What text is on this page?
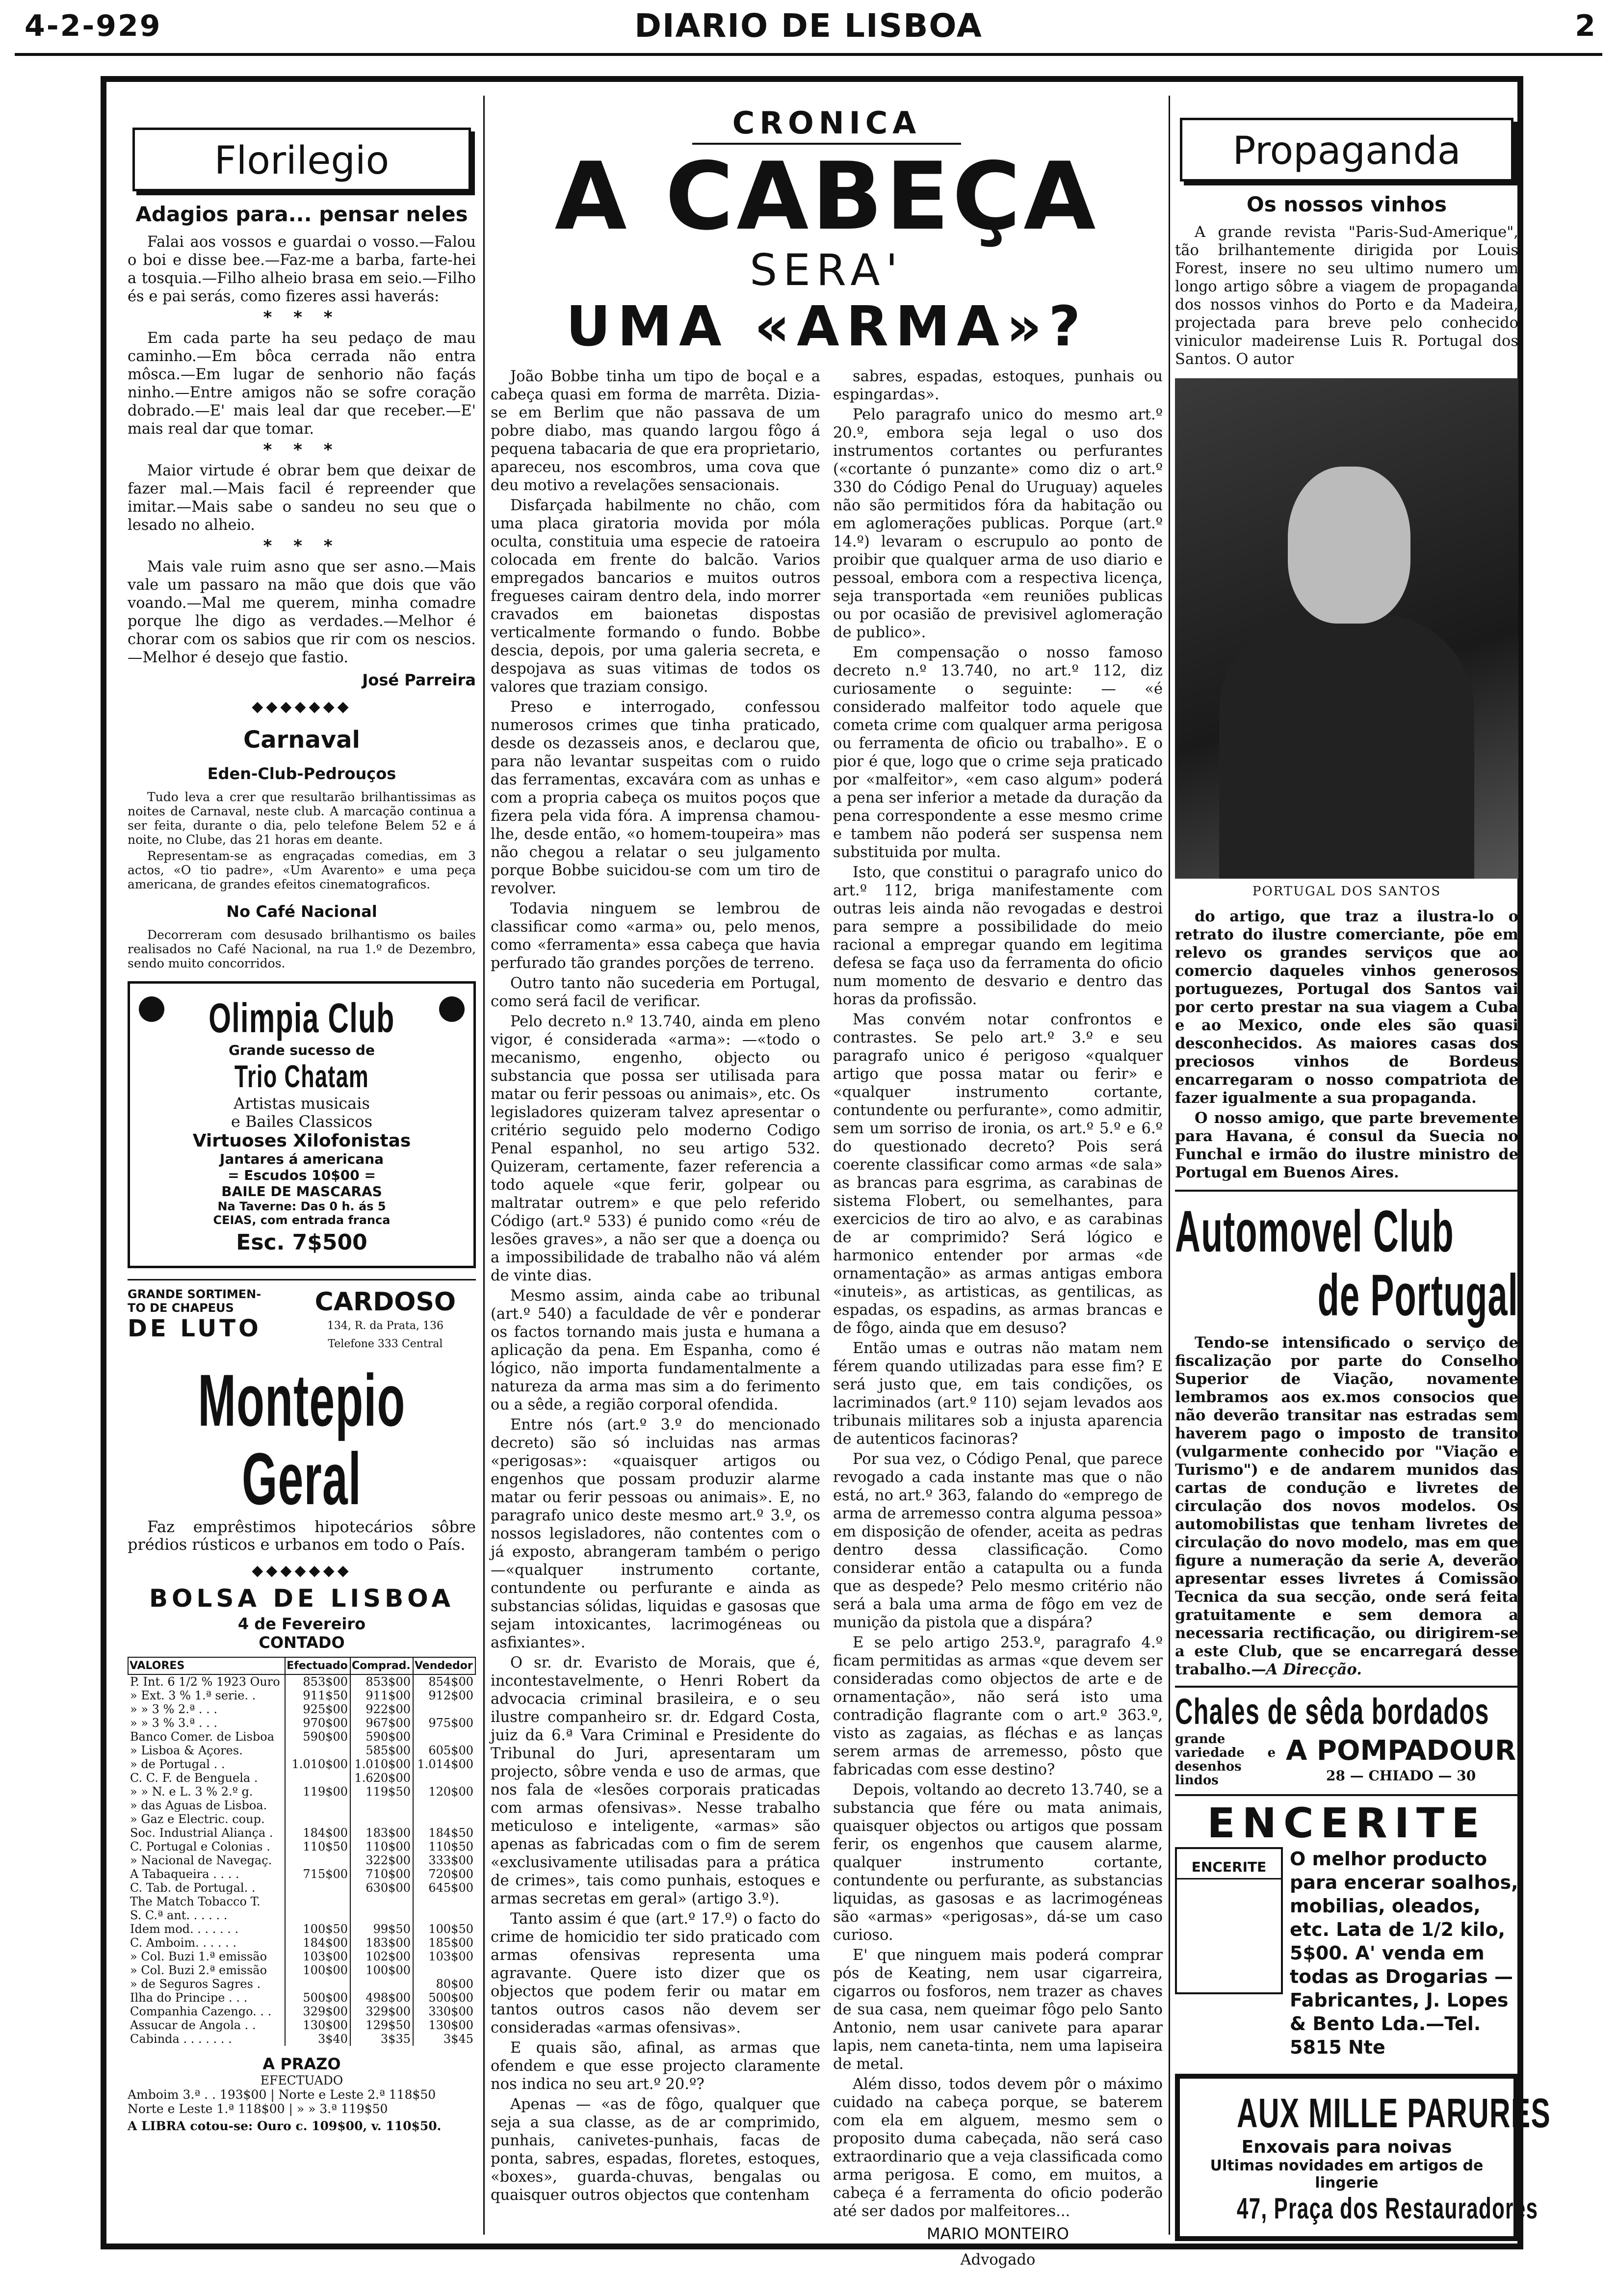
4-2-929	DIARIO DE LISBOA	2
Florilegio
Adagios para... pensar neles

Falai aos vossos e guardai o vosso.—Falou o boi e disse bee.—Faz-me a barba, farte-hei a tosquia.—Filho alheio brasa em seio.—Filho és e pai serás, como fizeres assi haverás:

* * *

Em cada parte ha seu pedaço de mau caminho.—Em bôca cerrada não entra môsca.—Em lugar de senhorio não façás ninho.—Entre amigos não se sofre coração dobrado.—E' mais leal dar que receber.—E' mais real dar que tomar.

* * *

Maior virtude é obrar bem que deixar de fazer mal.—Mais facil é repreender que imitar.—Mais sabe o sandeu no seu que o lesado no alheio.

* * *

Mais vale ruim asno que ser asno.—Mais vale um passaro na mão que dois que vão voando.—Mal me querem, minha comadre porque lhe digo as verdades.—Melhor é chorar com os sabios que rir com os nescios.—Melhor é desejo que fastio.

José Parreira
◆◆◆◆◆◆◆
Carnaval
Eden-Club-Pedrouços

Tudo leva a crer que resultarão brilhantissimas as noites de Carnaval, neste club. A marcação continua a ser feita, durante o dia, pelo telefone Belem 52 e á noite, no Clube, das 21 horas em deante.

Representam-se as engraçadas comedias, em 3 actos, «O tio padre», «Um Avarento» e uma peça americana, de grandes efeitos cinematograficos.

No Café Nacional

Decorreram com desusado brilhantismo os bailes realisados no Café Nacional, na rua 1.º de Dezembro, sendo muito concorridos.

Olimpia Club
Grande sucesso de
Trio Chatam
Artistas musicais
e Bailes Classicos
Virtuoses Xilofonistas
Jantares á americana
= Escudos 10$00 =
BAILE DE MASCARAS
Na Taverne: Das 0 h. ás 5
CEIAS, com entrada franca
Esc. 7$500
GRANDE SORTIMEN-
TO DE CHAPEUS
DE LUTO
CARDOSO
134, R. da Prata, 136
Telefone 333 Central
Montepio Geral

Faz emprêstimos hipotecários sôbre prédios rústicos e urbanos em todo o País.

◆◆◆◆◆◆◆
BOLSA DE LISBOA
4 de Fevereiro
CONTADO
VALORES	Efectuado	Comprad.	Vendedor
P. Int. 6 1/2 % 1923 Ouro	853$00	853$00	854$00
» Ext. 3 % 1.ª serie. .	911$50	911$00	912$00
» » 3 % 2.ª . . .	925$00	922$00	
» » 3 % 3.ª . . .	970$00	967$00	975$00
Banco Comer. de Lisboa	590$00	590$00	
» Lisboa & Açores.		585$00	605$00
» de Portugal . .	1.010$00	1.010$00	1.014$00
C. C. F. de Benguela .		1.620$00	
» » N. e L. 3 % 2.º g.	119$00	119$50	120$00
» das Aguas de Lisboa.			
» Gaz e Electric. coup.			
Soc. Industrial Aliança .	184$00	183$00	184$50
C. Portugal e Colonias .	110$50	110$00	110$50
» Nacional de Navegaç.		322$00	333$00
A Tabaqueira . . . .	715$00	710$00	720$00
C. Tab. de Portugal. .		630$00	645$00
The Match Tobacco T.			
S. C.ª ant. . . . . .			
Idem mod. . . . . . .	100$50	99$50	100$50
C. Amboim. . . . . .	184$00	183$00	185$00
» Col. Buzi 1.ª emissão	103$00	102$00	103$00
» Col. Buzi 2.ª emissão	100$00	100$00	
» de Seguros Sagres .			80$00
Ilha do Principe . . .	500$00	498$00	500$00
Companhia Cazengo. . .	329$00	329$00	330$00
Assucar de Angola . .	130$00	129$50	130$00
Cabinda . . . . . . .	3$40	3$35	3$45
A PRAZO
EFECTUADO
Amboim 3.ª . . 193$00 | Norte e Leste 2.ª 118$50
Norte e Leste 1.ª 118$00 | » » 3.ª 119$50
A LIBRA cotou-se: Ouro c. 109$00, v. 110$50.
CRONICA
A CABEÇA
SERA'
UMA «ARMA»?

João Bobbe tinha um tipo de boçal e a cabeça quasi em forma de marrêta. Dizia-se em Berlim que não passava de um pobre diabo, mas quando largou fôgo á pequena tabacaria de que era proprietario, apareceu, nos escombros, uma cova que deu motivo a revelações sensacionais.

Disfarçada habilmente no chão, com uma placa giratoria movida por móla oculta, constituia uma especie de ratoeira colocada em frente do balcão. Varios empregados bancarios e muitos outros fregueses cairam dentro dela, indo morrer cravados em baionetas dispostas verticalmente formando o fundo. Bobbe descia, depois, por uma galeria secreta, e despojava as suas vitimas de todos os valores que traziam consigo.

Preso e interrogado, confessou numerosos crimes que tinha praticado, desde os dezasseis anos, e declarou que, para não levantar suspeitas com o ruido das ferramentas, excavára com as unhas e com a propria cabeça os muitos poços que fizera pela vida fóra. A imprensa chamou-lhe, desde então, «o homem-toupeira» mas não chegou a relatar o seu julgamento porque Bobbe suicidou-se com um tiro de revolver.

Todavia ninguem se lembrou de classificar como «arma» ou, pelo menos, como «ferramenta» essa cabeça que havia perfurado tão grandes porções de terreno.

Outro tanto não sucederia em Portugal, como será facil de verificar.

Pelo decreto n.º 13.740, ainda em pleno vigor, é considerada «arma»: —«todo o mecanismo, engenho, objecto ou substancia que possa ser utilisada para matar ou ferir pessoas ou animais», etc. Os legisladores quizeram talvez apresentar o critério seguido pelo moderno Codigo Penal espanhol, no seu artigo 532. Quizeram, certamente, fazer referencia a todo aquele «que ferir, golpear ou maltratar outrem» e que pelo referido Código (art.º 533) é punido como «réu de lesões graves», a não ser que a doença ou a impossibilidade de trabalho não vá além de vinte dias.

Mesmo assim, ainda cabe ao tribunal (art.º 540) a faculdade de vêr e ponderar os factos tornando mais justa e humana a aplicação da pena. Em Espanha, como é lógico, não importa fundamentalmente a natureza da arma mas sim a do ferimento ou a sêde, a região corporal ofendida.

Entre nós (art.º 3.º do mencionado decreto) são só incluidas nas armas «perigosas»: «quaisquer artigos ou engenhos que possam produzir alarme matar ou ferir pessoas ou animais». E, no paragrafo unico deste mesmo art.º 3.º, os nossos legisladores, não contentes com o já exposto, abrangeram também o perigo—«qualquer instrumento cortante, contundente ou perfurante e ainda as substancias sólidas, liquidas e gasosas que sejam intoxicantes, lacrimogéneas ou asfixiantes».

O sr. dr. Evaristo de Morais, que é, incontestavelmente, o Henri Robert da advocacia criminal brasileira, e o seu ilustre companheiro sr. dr. Edgard Costa, juiz da 6.ª Vara Criminal e Presidente do Tribunal do Juri, apresentaram um projecto, sôbre venda e uso de armas, que nos fala de «lesões corporais praticadas com armas ofensivas». Nesse trabalho meticuloso e inteligente, «armas» são apenas as fabricadas com o fim de serem «exclusivamente utilisadas para a prática de crimes», tais como punhais, estoques e armas secretas em geral» (artigo 3.º).

Tanto assim é que (art.º 17.º) o facto do crime de homicidio ter sido praticado com armas ofensivas representa uma agravante. Quere isto dizer que os objectos que podem ferir ou matar em tantos outros casos não devem ser consideradas «armas ofensivas».

E quais são, afinal, as armas que ofendem e que esse projecto claramente nos indica no seu art.º 20.º?

Apenas — «as de fôgo, qualquer que seja a sua classe, as de ar comprimido, punhais, canivetes-punhais, facas de ponta, sabres, espadas, floretes, estoques, «boxes», guarda-chuvas, bengalas ou quaisquer outros objectos que contenham

sabres, espadas, estoques, punhais ou espingardas».

Pelo paragrafo unico do mesmo art.º 20.º, embora seja legal o uso dos instrumentos cortantes ou perfurantes («cortante ó punzante» como diz o art.º 330 do Código Penal do Uruguay) aqueles não são permitidos fóra da habitação ou em aglomerações publicas. Porque (art.º 14.º) levaram o escrupulo ao ponto de proibir que qualquer arma de uso diario e pessoal, embora com a respectiva licença, seja transportada «em reuniões publicas ou por ocasião de previsivel aglomeração de publico».

Em compensação o nosso famoso decreto n.º 13.740, no art.º 112, diz curiosamente o seguinte: — «é considerado malfeitor todo aquele que cometa crime com qualquer arma perigosa ou ferramenta de oficio ou trabalho». E o pior é que, logo que o crime seja praticado por «malfeitor», «em caso algum» poderá a pena ser inferior a metade da duração da pena correspondente a esse mesmo crime e tambem não poderá ser suspensa nem substituida por multa.

Isto, que constitui o paragrafo unico do art.º 112, briga manifestamente com outras leis ainda não revogadas e destroi para sempre a possibilidade do meio racional a empregar quando em legitima defesa se faça uso da ferramenta do oficio num momento de desvario e dentro das horas da profissão.

Mas convém notar confrontos e contrastes. Se pelo art.º 3.º e seu paragrafo unico é perigoso «qualquer artigo que possa matar ou ferir» e «qualquer instrumento cortante, contundente ou perfurante», como admitir, sem um sorriso de ironia, os art.º 5.º e 6.º do questionado decreto? Pois será coerente classificar como armas «de sala» as brancas para esgrima, as carabinas de sistema Flobert, ou semelhantes, para exercicios de tiro ao alvo, e as carabinas de ar comprimido? Será lógico e harmonico entender por armas «de ornamentação» as armas antigas embora «inuteis», as artisticas, as gentilicas, as espadas, os espadins, as armas brancas e de fôgo, ainda que em desuso?

Então umas e outras não matam nem férem quando utilizadas para esse fim? E será justo que, em tais condições, os lacriminados (art.º 110) sejam levados aos tribunais militares sob a injusta aparencia de autenticos facinoras?

Por sua vez, o Código Penal, que parece revogado a cada instante mas que o não está, no art.º 363, falando do «emprego de arma de arremesso contra alguma pessoa» em disposição de ofender, aceita as pedras dentro dessa classificação. Como considerar então a catapulta ou a funda que as despede? Pelo mesmo critério não será a bala uma arma de fôgo em vez de munição da pistola que a dispára?

E se pelo artigo 253.º, paragrafo 4.º ficam permitidas as armas «que devem ser consideradas como objectos de arte e de ornamentação», não será isto uma contradição flagrante com o art.º 363.º, visto as zagaias, as fléchas e as lanças serem armas de arremesso, pôsto que fabricadas com esse destino?

Depois, voltando ao decreto 13.740, se a substancia que fére ou mata animais, quaisquer objectos ou artigos que possam ferir, os engenhos que causem alarme, qualquer instrumento cortante, contundente ou perfurante, as substancias liquidas, as gasosas e as lacrimogéneas são «armas» «perigosas», dá-se um caso curioso.

E' que ninguem mais poderá comprar pós de Keating, nem usar cigarreira, cigarros ou fosforos, nem trazer as chaves de sua casa, nem queimar fôgo pelo Santo Antonio, nem usar canivete para aparar lapis, nem caneta-tinta, nem uma lapiseira de metal.

Além disso, todos devem pôr o máximo cuidado na cabeça porque, se baterem com ela em alguem, mesmo sem o proposito duma cabeçada, não será caso extraordinario que a veja classificada como arma perigosa. E como, em muitos, a cabeça é a ferramenta do oficio poderão até ser dados por malfeitores...

MARIO MONTEIRO
Advogado
Propaganda
Os nossos vinhos

A grande revista "Paris-Sud-Amerique", tão brilhantemente dirigida por Louis Forest, insere no seu ultimo numero um longo artigo sôbre a viagem de propaganda dos nossos vinhos do Porto e da Madeira, projectada para breve pelo conhecido viniculor madeirense Luis R. Portugal dos Santos. O autor

PORTUGAL DOS SANTOS

do artigo, que traz a ilustra-lo o retrato do ilustre comerciante, põe em relevo os grandes serviços que ao comercio daqueles vinhos generosos portuguezes, Portugal dos Santos vai por certo prestar na sua viagem a Cuba e ao Mexico, onde eles são quasi desconhecidos. As maiores casas dos preciosos vinhos de Bordeus encarregaram o nosso compatriota de fazer igualmente a sua propaganda.

O nosso amigo, que parte brevemente para Havana, é consul da Suecia no Funchal e irmão do ilustre ministro de Portugal em Buenos Aires.

Automovel Club
de Portugal

Tendo-se intensificado o serviço de fiscalização por parte do Conselho Superior de Viação, novamente lembramos aos ex.mos consocios que não deverão transitar nas estradas sem haverem pago o imposto de transito (vulgarmente conhecido por "Viação e Turismo") e de andarem munidos das cartas de condução e livretes de circulação dos novos modelos. Os automobilistas que tenham livretes de circulação do novo modelo, mas em que figure a numeração da serie A, deverão apresentar esses livretes á Comissão Tecnica da sua secção, onde será feita gratuitamente e sem demora a necessaria rectificação, ou dirigirem-se a este Club, que se encarregará desse trabalho.—A Direcção.

Chales de sêda bordados
grande variedade e desenhos lindos
A POMPADOUR
28 — CHIADO — 30
ENCERITE
ENCERITE	O melhor producto para encerar soalhos, mobilias, oleados, etc. Lata de 1/2 kilo, 5$00. A' venda em todas as Drogarias — Fabricantes, J. Lopes & Bento Lda.—Tel. 5815 Nte
AUX MILLE PARURES
Enxovais para noivas
Ultimas novidades em artigos de lingerie
47, Praça dos Restauradores
